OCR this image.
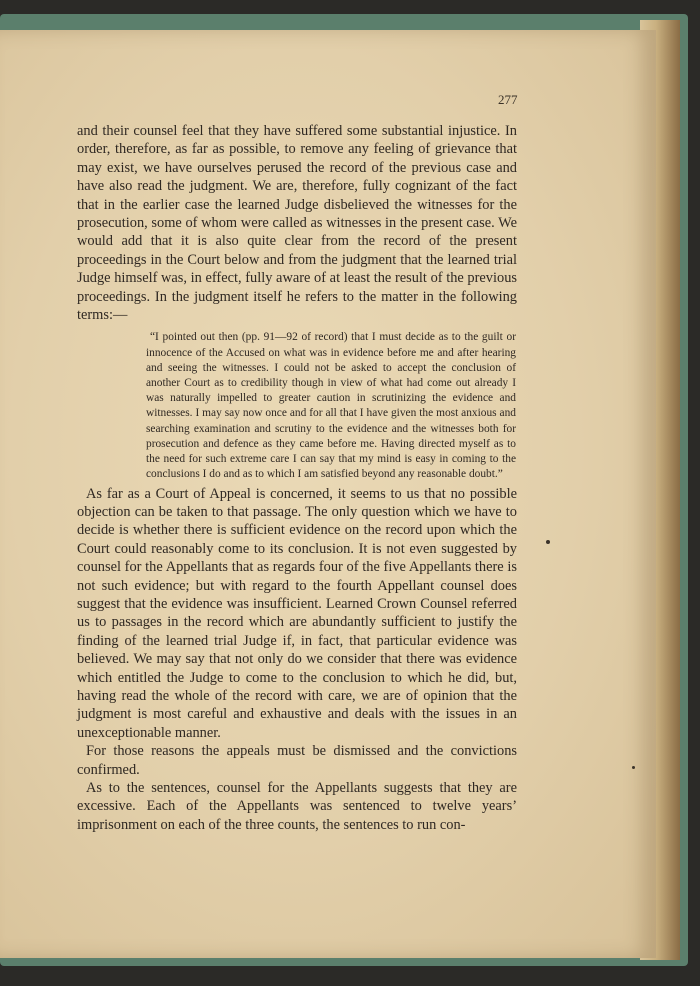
277

and their counsel feel that they have suffered some substantial injustice. In order, therefore, as far as possible, to remove any feeling of grievance that may exist, we have ourselves perused the record of the previous case and have also read the judgment. We are, therefore, fully cognizant of the fact that in the earlier case the learned Judge disbelieved the witnesses for the prosecution, some of whom were called as witnesses in the present case. We would add that it is also quite clear from the record of the present proceedings in the Court below and from the judgment that the learned trial Judge himself was, in effect, fully aware of at least the result of the previous proceedings. In the judgment itself he refers to the matter in the following terms:—

“I pointed out then (pp. 91—92 of record) that I must decide as to the guilt or innocence of the Accused on what was in evidence before me and after hearing and seeing the witnesses. I could not be asked to accept the conclusion of another Court as to credibility though in view of what had come out already I was naturally impelled to greater caution in scrutinizing the evidence and witnesses. I may say now once and for all that I have given the most anxious and searching examination and scrutiny to the evidence and the witnesses both for prosecution and defence as they came before me. Having directed myself as to the need for such extreme care I can say that my mind is easy in coming to the conclusions I do and as to which I am satisfied beyond any reasonable doubt.”

As far as a Court of Appeal is concerned, it seems to us that no possible objection can be taken to that passage. The only question which we have to decide is whether there is sufficient evidence on the record upon which the Court could reasonably come to its conclusion. It is not even suggested by counsel for the Appellants that as regards four of the five Appellants there is not such evidence; but with regard to the fourth Appellant counsel does suggest that the evidence was insufficient. Learned Crown Counsel referred us to passages in the record which are abundantly sufficient to justify the finding of the learned trial Judge if, in fact, that particular evidence was believed. We may say that not only do we consider that there was evidence which entitled the Judge to come to the conclusion to which he did, but, having read the whole of the record with care, we are of opinion that the judgment is most careful and exhaustive and deals with the issues in an unexceptionable manner.

For those reasons the appeals must be dismissed and the convictions confirmed.

As to the sentences, counsel for the Appellants suggests that they are excessive. Each of the Appellants was sentenced to twelve years’ imprisonment on each of the three counts, the sentences to run con-
